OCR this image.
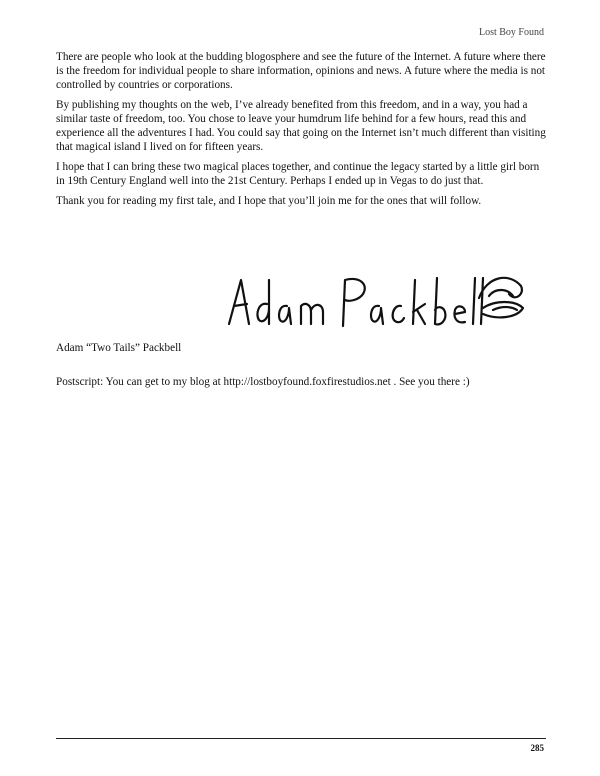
Lost Boy Found

There are people who look at the budding blogosphere and see the future of the Internet. A future where there is the freedom for individual people to share information, opinions and news. A future where the media is not controlled by countries or corporations.

By publishing my thoughts on the web, I’ve already benefited from this freedom, and in a way, you had a similar taste of freedom, too. You chose to leave your humdrum life behind for a few hours, read this and experience all the adventures I had. You could say that going on the Internet isn’t much different than visiting that magical island I lived on for fifteen years.

I hope that I can bring these two magical places together, and continue the legacy started by a little girl born in 19th Century England well into the 21st Century. Perhaps I ended up in Vegas to do just that.

Thank you for reading my first tale, and I hope that you’ll join me for the ones that will follow.

Adam “Two Tails” Packbell

Postscript: You can get to my blog at http://lostboyfound.foxfirestudios.net . See you there :)

285
